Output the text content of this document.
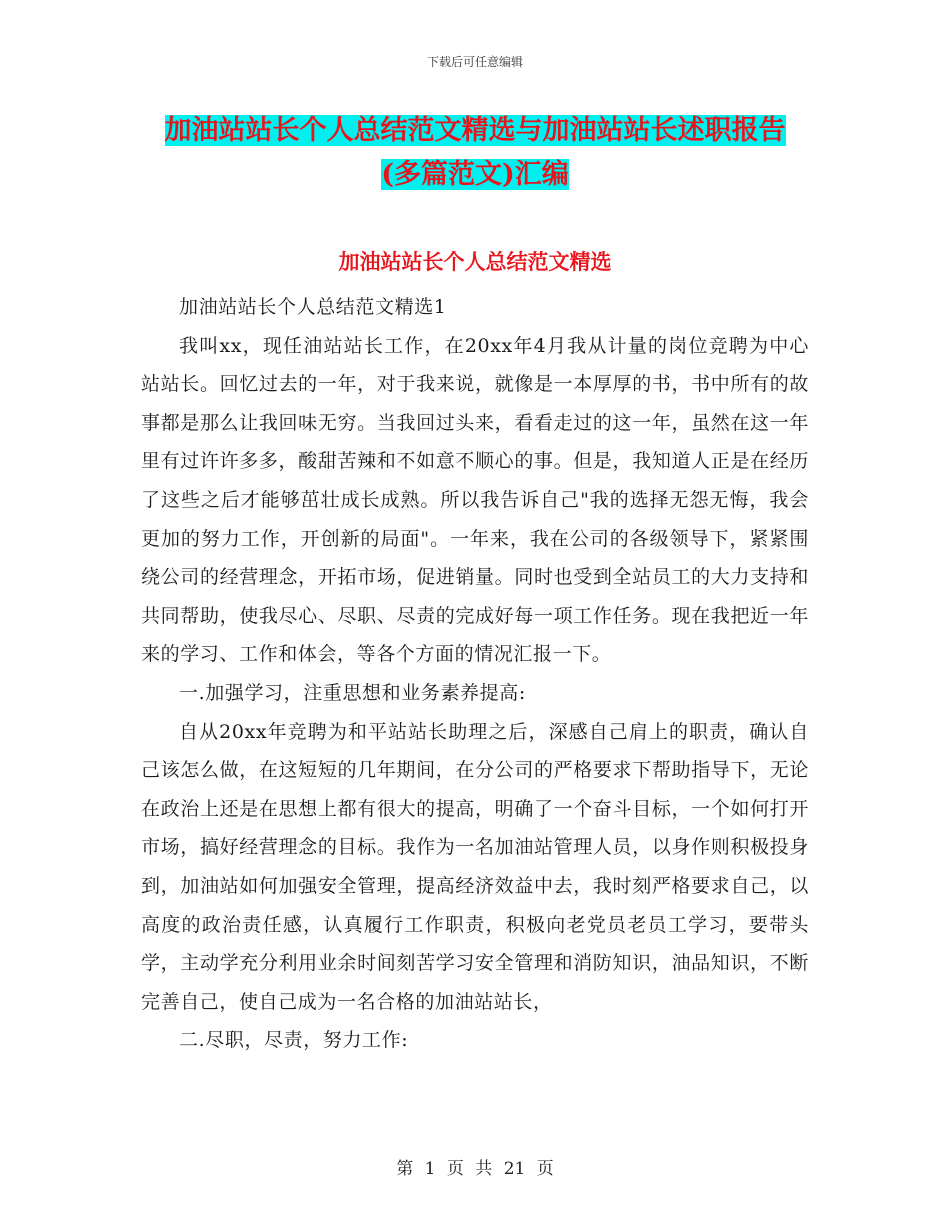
下载后可任意编辑
加油站站长个人总结范文精选与加油站站长述职报告
(多篇范文)汇编
加油站站长个人总结范文精选

加油站站长个人总结范文精选1

我叫xx，现任油站站长工作，在20xx年4月我从计量的岗位竞聘为中心站站长。回忆过去的一年，对于我来说，就像是一本厚厚的书，书中所有的故事都是那么让我回味无穷。当我回过头来，看看走过的这一年，虽然在这一年里有过许许多多，酸甜苦辣和不如意不顺心的事。但是，我知道人正是在经历了这些之后才能够茁壮成长成熟。所以我告诉自己"我的选择无怨无悔，我会更加的努力工作，开创新的局面"。一年来，我在公司的各级领导下，紧紧围绕公司的经营理念，开拓市场，促进销量。同时也受到全站员工的大力支持和共同帮助，使我尽心、尽职、尽责的完成好每一项工作任务。现在我把近一年来的学习、工作和体会，等各个方面的情况汇报一下。

一.加强学习，注重思想和业务素养提高:

自从20xx年竞聘为和平站站长助理之后，深感自己肩上的职责，确认自己该怎么做，在这短短的几年期间，在分公司的严格要求下帮助指导下，无论在政治上还是在思想上都有很大的提高，明确了一个奋斗目标，一个如何打开市场，搞好经营理念的目标。我作为一名加油站管理人员，以身作则积极投身到，加油站如何加强安全管理，提高经济效益中去，我时刻严格要求自己，以高度的政治责任感，认真履行工作职责，积极向老党员老员工学习，要带头学，主动学充分利用业余时间刻苦学习安全管理和消防知识，油品知识，不断完善自己，使自己成为一名合格的加油站站长，

二.尽职，尽责，努力工作:

第 1 页 共 21 页
